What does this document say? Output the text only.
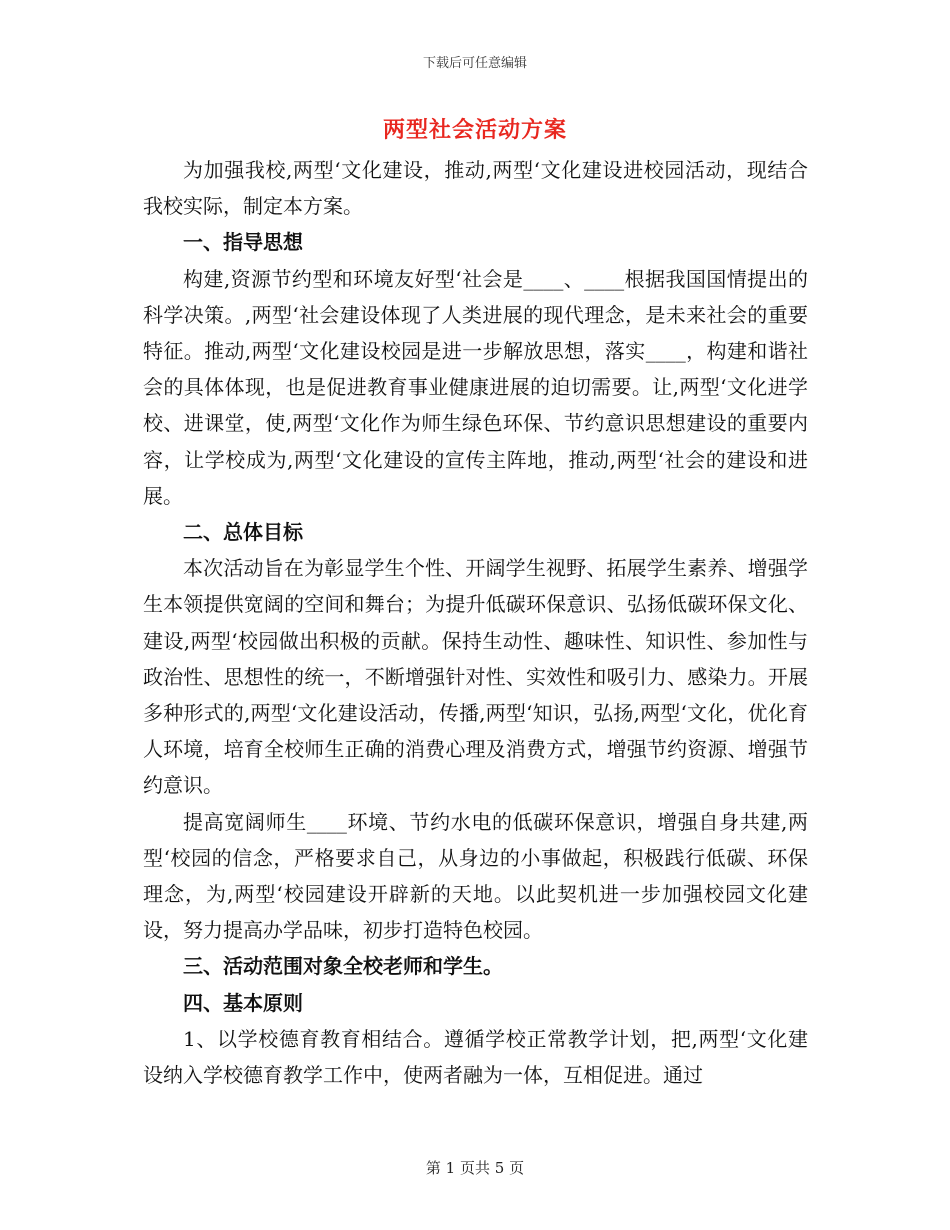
下载后可任意编辑
两型社会活动方案

为加强我校,两型‘文化建设，推动,两型‘文化建设进校园活动，现结合我校实际，制定本方案。

一、指导思想

构建,资源节约型和环境友好型‘社会是____、____根据我国国情提出的科学决策。,两型‘社会建设体现了人类进展的现代理念，是未来社会的重要特征。推动,两型‘文化建设校园是进一步解放思想，落实____，构建和谐社会的具体体现，也是促进教育事业健康进展的迫切需要。让,两型‘文化进学校、进课堂，使,两型‘文化作为师生绿色环保、节约意识思想建设的重要内容，让学校成为,两型‘文化建设的宣传主阵地，推动,两型‘社会的建设和进展。

二、总体目标

本次活动旨在为彰显学生个性、开阔学生视野、拓展学生素养、增强学生本领提供宽阔的空间和舞台；为提升低碳环保意识、弘扬低碳环保文化、建设,两型‘校园做出积极的贡献。保持生动性、趣味性、知识性、参加性与政治性、思想性的统一，不断增强针对性、实效性和吸引力、感染力。开展多种形式的,两型‘文化建设活动，传播,两型‘知识，弘扬,两型‘文化，优化育人环境，培育全校师生正确的消费心理及消费方式，增强节约资源、增强节约意识。

提高宽阔师生____环境、节约水电的低碳环保意识，增强自身共建,两型‘校园的信念，严格要求自己，从身边的小事做起，积极践行低碳、环保理念，为,两型‘校园建设开辟新的天地。以此契机进一步加强校园文化建设，努力提高办学品味，初步打造特色校园。

三、活动范围对象全校老师和学生。

四、基本原则

1、以学校德育教育相结合。遵循学校正常教学计划，把,两型‘文化建设纳入学校德育教学工作中，使两者融为一体，互相促进。通过

第 1 页共 5 页
